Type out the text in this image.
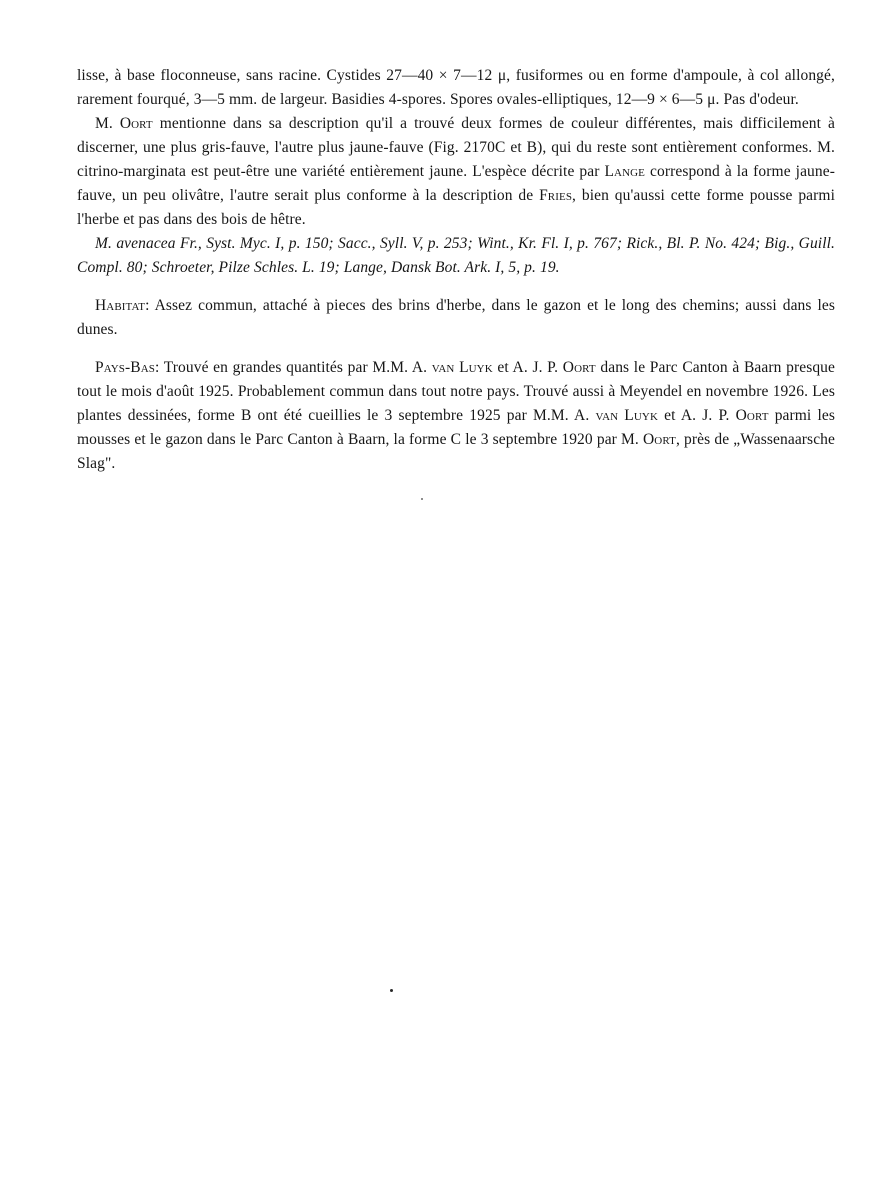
lisse, à base floconneuse, sans racine. Cystides 27—40 × 7—12 μ, fusiformes ou en forme d'ampoule, à col allongé, rarement fourqué, 3—5 mm. de largeur. Basidies 4-spores. Spores ovales-elliptiques, 12—9 × 6—5 μ. Pas d'odeur.

M. Oort mentionne dans sa description qu'il a trouvé deux formes de couleur différentes, mais difficilement à discerner, une plus gris-fauve, l'autre plus jaune-fauve (Fig. 2170C et B), qui du reste sont entièrement conformes. M. citrino-marginata est peut-être une variété entièrement jaune. L'espèce décrite par Lange correspond à la forme jaune-fauve, un peu olivâtre, l'autre serait plus conforme à la description de Fries, bien qu'aussi cette forme pousse parmi l'herbe et pas dans des bois de hêtre.

M. avenacea Fr., Syst. Myc. I, p. 150; Sacc., Syll. V, p. 253; Wint., Kr. Fl. I, p. 767; Rick., Bl. P. No. 424; Big., Guill. Compl. 80; Schroeter, Pilze Schles. L. 19; Lange, Dansk Bot. Ark. I, 5, p. 19.

Habitat: Assez commun, attaché à pieces des brins d'herbe, dans le gazon et le long des chemins; aussi dans les dunes.

Pays-Bas: Trouvé en grandes quantités par M.M. A. van Luyk et A. J. P. Oort dans le Parc Canton à Baarn presque tout le mois d'août 1925. Probablement commun dans tout notre pays. Trouvé aussi à Meyendel en novembre 1926. Les plantes dessinées, forme B ont été cueillies le 3 septembre 1925 par M.M. A. van Luyk et A. J. P. Oort parmi les mousses et le gazon dans le Parc Canton à Baarn, la forme C le 3 septembre 1920 par M. Oort, près de „Wassenaarsche Slag".
